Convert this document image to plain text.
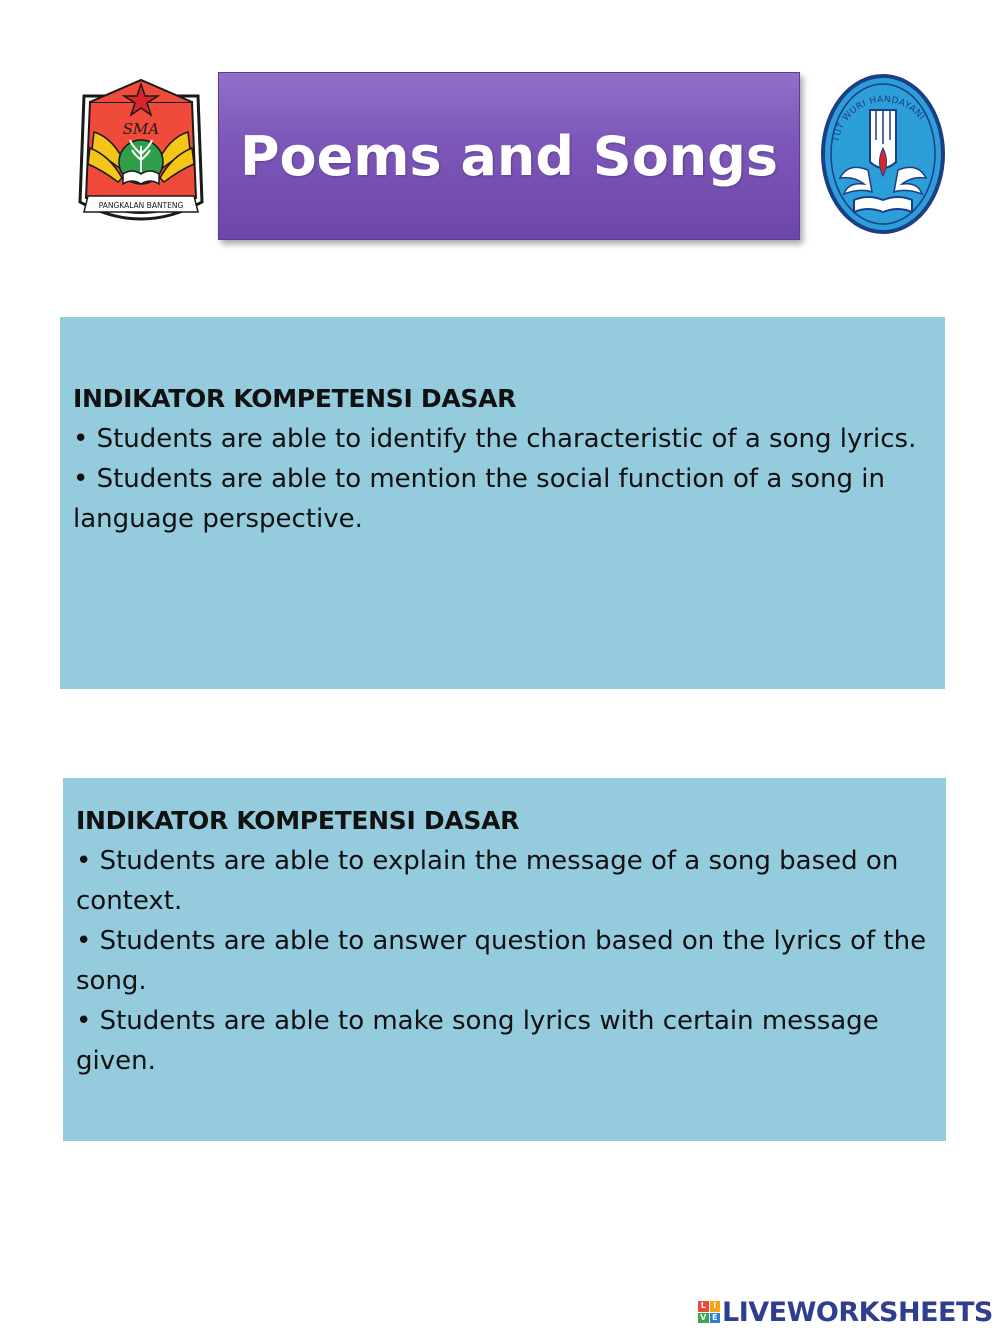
SMA
PANGKALAN BANTENG
Poems and Songs	TUT WURI HANDAYANI
INDIKATOR KOMPETENSI DASAR

• Students are able to identify the characteristic of a song lyrics.

• Students are able to mention the social function of a song in language perspective.

INDIKATOR KOMPETENSI DASAR

• Students are able to explain the message of a song based on context.

• Students are able to answer question based on the lyrics of the song.

• Students are able to make song lyrics with certain message given.

L I
V E LIVEWORKSHEETS
